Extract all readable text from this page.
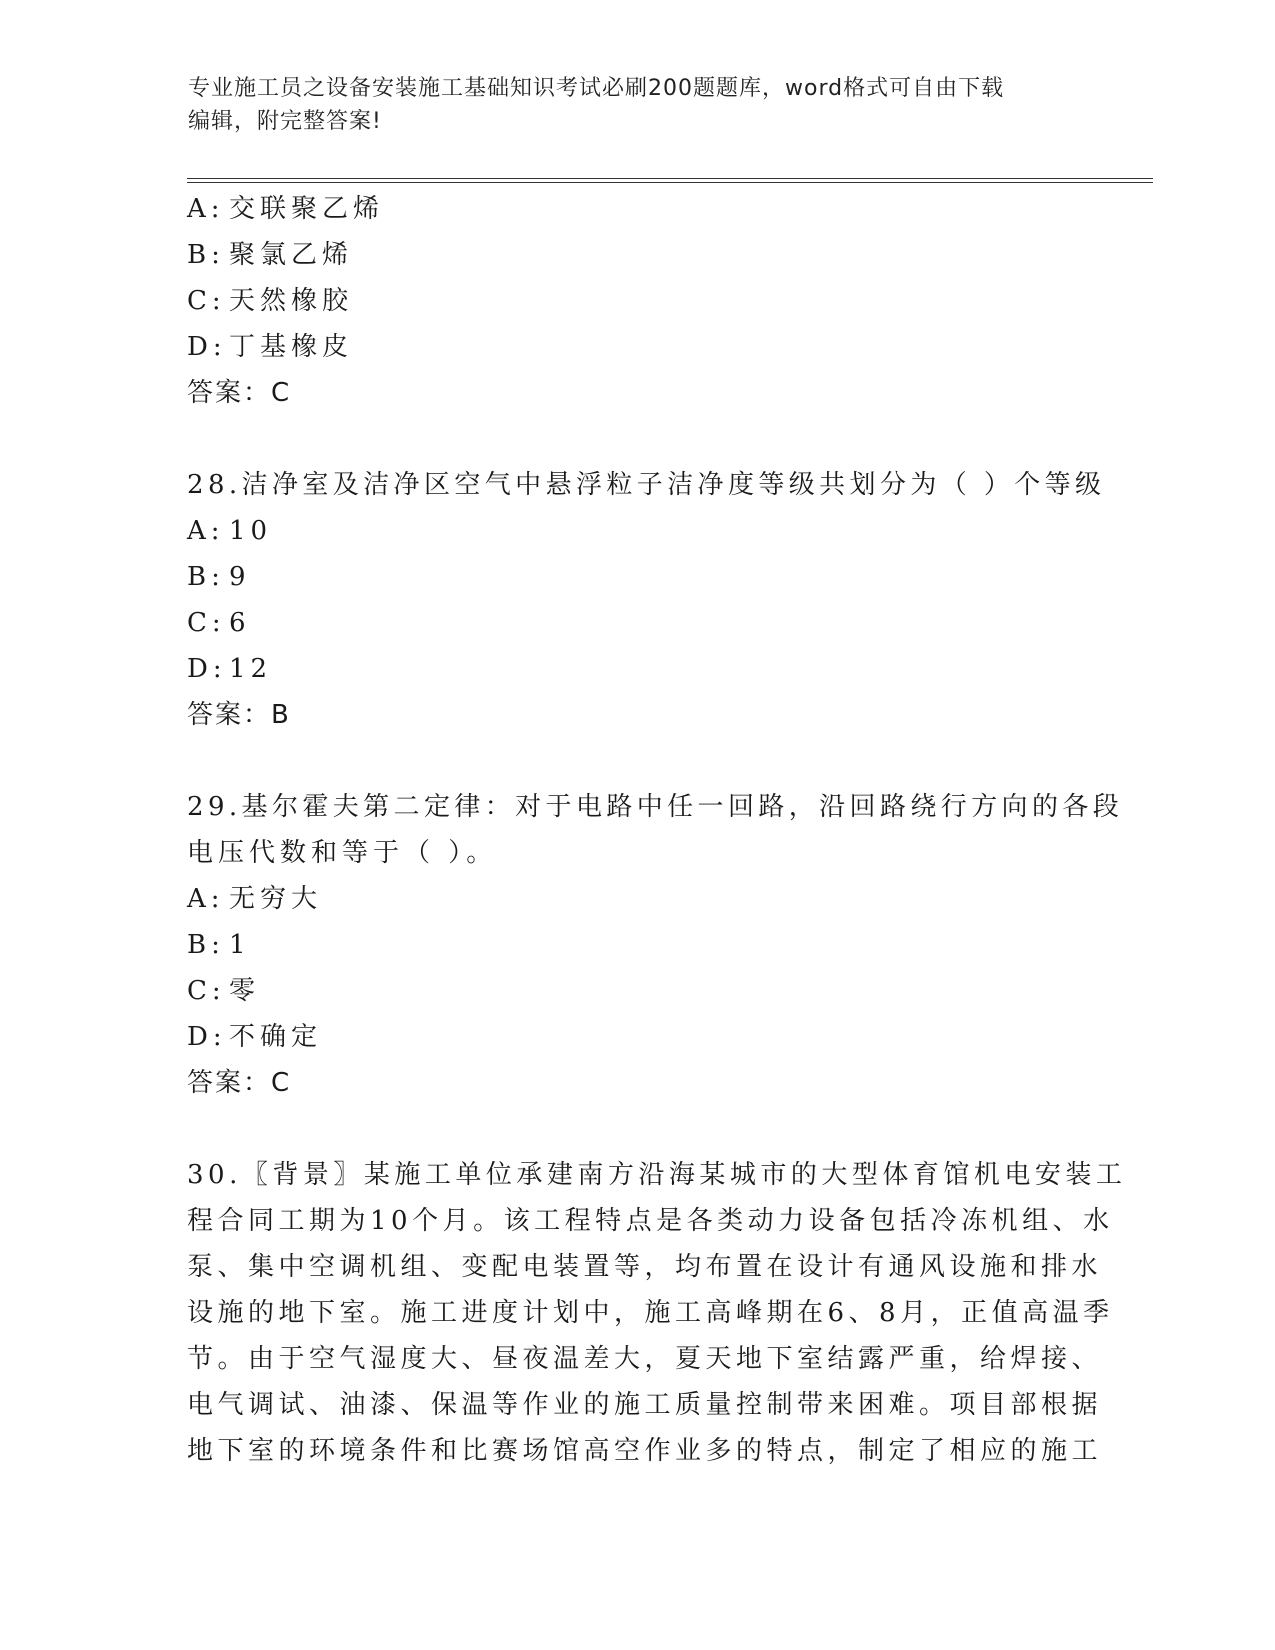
专业施工员之设备安装施工基础知识考试必刷200题题库，word格式可自由下载
编辑，附完整答案!
A: 交联聚乙烯
B: 聚氯乙烯
C: 天然橡胶
D:丁基橡皮
答案：C
28.洁净室及洁净区空气中悬浮粒子洁净度等级共划分为（ ）个等级
A: 10
B: 9
C: 6
D:12
答案：B
29.基尔霍夫第二定律：对于电路中任一回路，沿回路绕行方向的各段
电压代数和等于（ ）。
A: 无穷大
B: 1
C: 零
D:不确定
答案：C
30.〖背景〗某施工单位承建南方沿海某城市的大型体育馆机电安装工
程合同工期为10个月。该工程特点是各类动力设备包括冷冻机组、水
泵、集中空调机组、变配电装置等，均布置在设计有通风设施和排水
设施的地下室。施工进度计划中，施工高峰期在6、8月，正值高温季
节。由于空气湿度大、昼夜温差大，夏天地下室结露严重，给焊接、
电气调试、油漆、保温等作业的施工质量控制带来困难。项目部根据
地下室的环境条件和比赛场馆高空作业多的特点，制定了相应的施工
